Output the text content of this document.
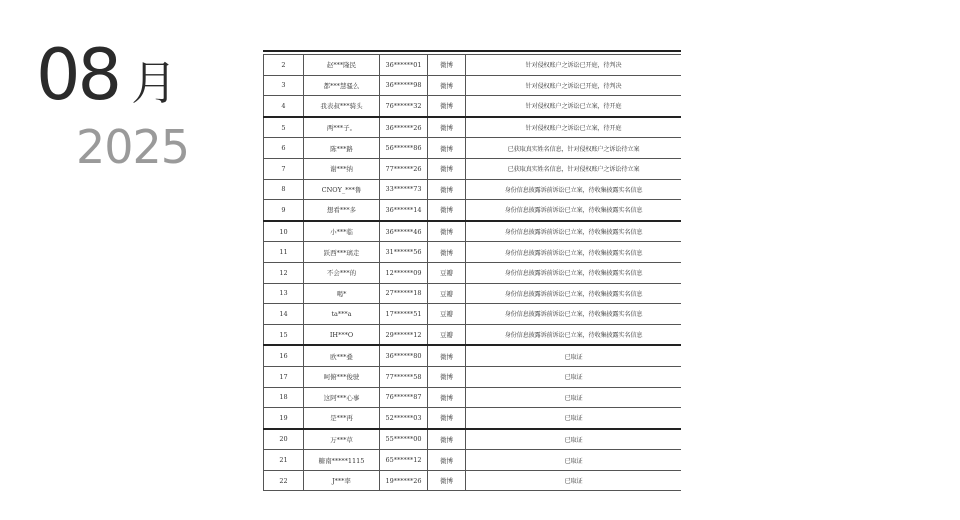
08 月
2025
2	赵***隆民	36******01	微博	针对侵权账户之诉讼已开庭，待判决
3	都***慧骚么	36******98	微博	针对侵权账户之诉讼已开庭，待判决
4	我表叔***骑头	76******32	微博	针对侵权账户之诉讼已立案，待开庭
5	两***子。	36******26	微博	针对侵权账户之诉讼已立案，待开庭
6	陈***路	56******86	微博	已获取真实姓名信息，针对侵权账户之诉讼待立案
7	谢***纳	77******26	微博	已获取真实姓名信息，针对侵权账户之诉讼待立案
8	CNOY_***鲁	33******73	微博	身份信息披露诉前诉讼已立案，待收集披露实名信息
9	想看***多	36******14	微博	身份信息披露诉前诉讼已立案，待收集披露实名信息
10	小***临	36******46	微博	身份信息披露诉前诉讼已立案，待收集披露实名信息
11	跃西***璃走	31******56	微博	身份信息披露诉前诉讼已立案，待收集披露实名信息
12	不会***的	12******09	豆瓣	身份信息披露诉前诉讼已立案，待收集披露实名信息
13	喝*	27******18	豆瓣	身份信息披露诉前诉讼已立案，待收集披露实名信息
14	ta***a	17******51	豆瓣	身份信息披露诉前诉讼已立案，待收集披露实名信息
15	IH***O	29******12	豆瓣	身份信息披露诉前诉讼已立案，待收集披露实名信息
16	欧***叠	36******80	微博	已取证
17	呵俯***俊驶	77******58	微博	已取证
18	这阿***心事	76******87	微博	已取证
19	是***再	52******03	微博	已取证
20	万***草	55******00	微博	已取证
21	糖南*****1115	65******12	微博	已取证
22	J***率	19******26	微博	已取证
